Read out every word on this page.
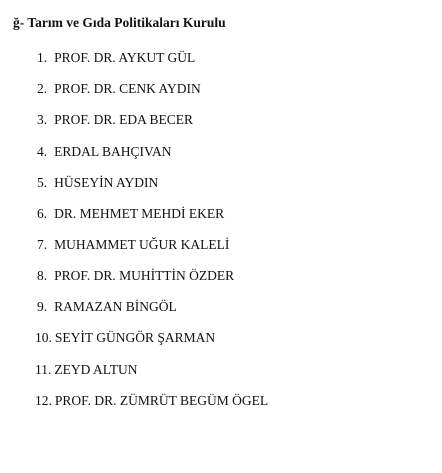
ğ- Tarım ve Gıda Politikaları Kurulu
1. PROF. DR. AYKUT GÜL
2. PROF. DR. CENK AYDIN
3. PROF. DR. EDA BECER
4. ERDAL BAHÇIVAN
5. HÜSEYİN AYDIN
6. DR. MEHMET MEHDİ EKER
7. MUHAMMET UĞUR KALELİ
8. PROF. DR. MUHİTTİN ÖZDER
9. RAMAZAN BİNGÖL
10. SEYİT GÜNGÖR ŞARMAN
11. ZEYD ALTUN
12. PROF. DR. ZÜMRÜT BEGÜM ÖGEL
